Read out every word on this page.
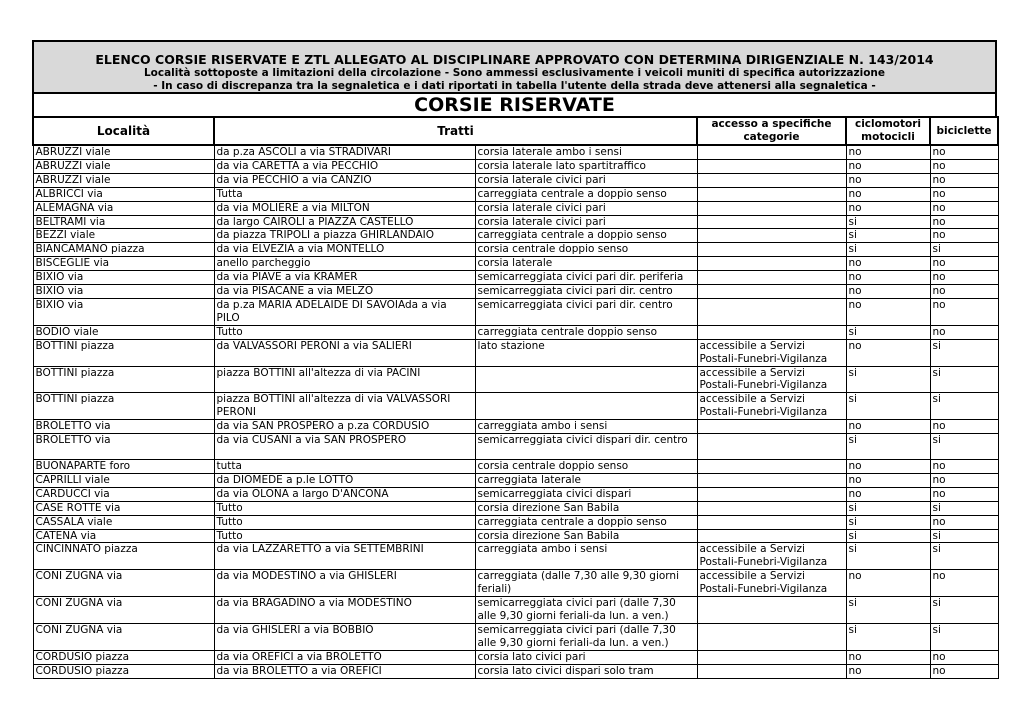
ELENCO CORSIE RISERVATE E ZTL ALLEGATO AL DISCIPLINARE APPROVATO CON DETERMINA DIRIGENZIALE N. 143/2014
Località sottoposte a limitazioni della circolazione - Sono ammessi esclusivamente i veicoli muniti di specifica autorizzazione
- In caso di discrepanza tra la segnaletica e i dati riportati in tabella l'utente della strada deve attenersi alla segnaletica -
CORSIE RISERVATE
Località	Tratti		accesso a specifiche categorie	ciclomotori motocicli	biciclette
ABRUZZI viale	da p.za ASCOLI a via STRADIVARI	corsia laterale ambo i sensi		no	no
ABRUZZI viale	da via CARETTA a via PECCHIO	corsia laterale lato spartitraffico		no	no
ABRUZZI viale	da via PECCHIO a via CANZIO	corsia laterale civici pari		no	no
ALBRICCI via	Tutta	carreggiata centrale a doppio senso		no	no
ALEMAGNA via	da via MOLIERE a via MILTON	corsia laterale civici pari		no	no
BELTRAMI via	da largo CAIROLI a PIAZZA CASTELLO	corsia laterale civici pari		si	no
BEZZI viale	da piazza TRIPOLI a piazza GHIRLANDAIO	carreggiata centrale a doppio senso		si	no
BIANCAMANO piazza	da via ELVEZIA a via MONTELLO	corsia centrale doppio senso		si	si
BISCEGLIE via	anello parcheggio	corsia laterale		no	no
BIXIO via	da via PIAVE a via KRAMER	semicarreggiata civici pari dir. periferia		no	no
BIXIO via	da via PISACANE a via MELZO	semicarreggiata civici pari dir. centro		no	no
BIXIO via	da p.za MARIA ADELAIDE DI SAVOIAda a via PILO	semicarreggiata civici pari dir. centro		no	no
BODIO viale	Tutto	carreggiata centrale doppio senso		si	no
BOTTINI piazza	da VALVASSORI PERONI a via SALIERI	lato stazione	accessibile a Servizi Postali-Funebri-Vigilanza	no	si
BOTTINI piazza	piazza BOTTINI all'altezza di via PACINI		accessibile a Servizi Postali-Funebri-Vigilanza	si	si
BOTTINI piazza	piazza BOTTINI all'altezza di via VALVASSORI PERONI		accessibile a Servizi Postali-Funebri-Vigilanza	si	si
BROLETTO via	da via SAN PROSPERO a p.za CORDUSIO	carreggiata ambo i sensi		no	no
BROLETTO via	da via CUSANI a via SAN PROSPERO	semicarreggiata civici dispari dir. centro		si	si
BUONAPARTE foro	tutta	corsia centrale doppio senso		no	no
CAPRILLI viale	da DIOMEDE a p.le LOTTO	carreggiata laterale		no	no
CARDUCCI via	da via OLONA a largo D'ANCONA	semicarreggiata civici dispari		no	no
CASE ROTTE via	Tutto	corsia direzione San Babila		si	si
CASSALA viale	Tutto	carreggiata centrale a doppio senso		si	no
CATENA via	Tutto	corsia direzione San Babila		si	si
CINCINNATO piazza	da via LAZZARETTO a via SETTEMBRINI	carreggiata ambo i sensi	accessibile a Servizi Postali-Funebri-Vigilanza	si	si
CONI ZUGNA via	da via MODESTINO a via GHISLERI	carreggiata (dalle 7,30 alle 9,30 giorni feriali)	accessibile a Servizi Postali-Funebri-Vigilanza	no	no
CONI ZUGNA via	da via BRAGADINO a via MODESTINO	semicarreggiata civici pari (dalle 7,30 alle 9,30 giorni feriali-da lun. a ven.)		si	si
CONI ZUGNA via	da via GHISLERI a via BOBBIO	semicarreggiata civici pari (dalle 7,30 alle 9,30 giorni feriali-da lun. a ven.)		si	si
CORDUSIO piazza	da via OREFICI a via BROLETTO	corsia lato civici pari		no	no
CORDUSIO piazza	da via BROLETTO a via OREFICI	corsia lato civici dispari solo tram		no	no
